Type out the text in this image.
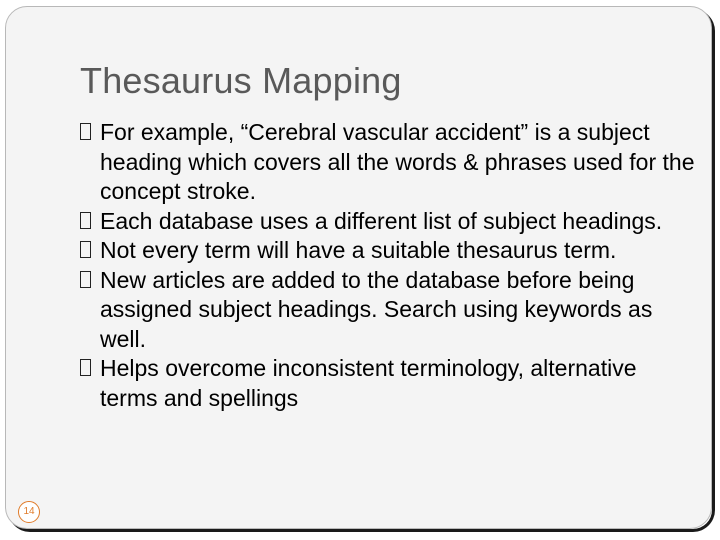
Thesaurus Mapping
For example, “Cerebral vascular accident” is a subject heading which covers all the words & phrases used for the concept stroke.
Each database uses a different list of subject headings.
Not every term will have a suitable thesaurus term.
New articles are added to the database before being assigned subject headings. Search using keywords as well.
Helps overcome inconsistent terminology, alternative terms and spellings
14
